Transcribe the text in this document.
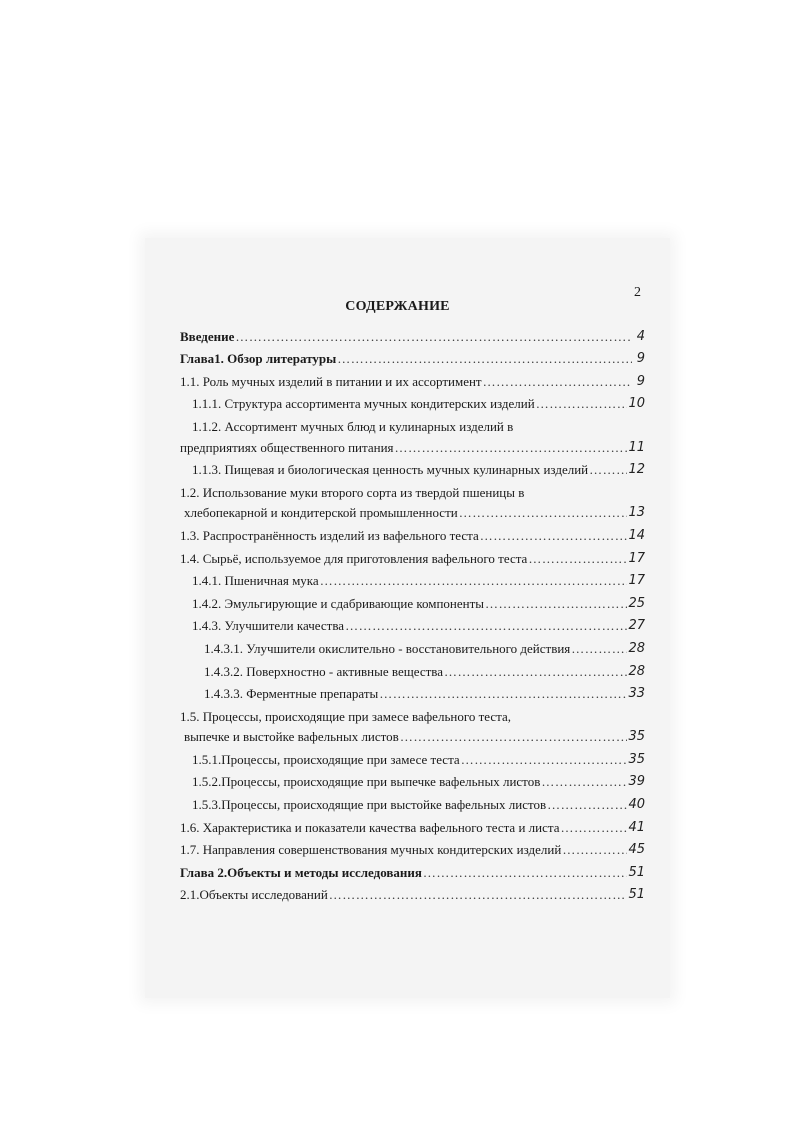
2
СОДЕРЖАНИЕ
Введение ……………………………………………………………………………………………………………………………………………………	4
Глава1. Обзор литературы ……………………………………………………………………………………………………………………………………………………	9
1.1. Роль мучных изделий в питании и их ассортимент ……………………………………………………………………………………………………………………………………………………	9
1.1.1. Структура ассортимента мучных кондитерских изделий ……………………………………………………………………………………………………………………………………………………	10
1.1.2. Ассортимент мучных блюд и кулинарных изделий в
предприятиях общественного питания ……………………………………………………………………………………………………………………………………………………	11
1.1.3. Пищевая и биологическая ценность мучных кулинарных изделий ……………………………………………………………………………………………………………………………………………………	12
1.2. Использование муки второго сорта из твердой пшеницы в
хлебопекарной и кондитерской промышленности ……………………………………………………………………………………………………………………………………………………	13
1.3. Распространённость изделий из вафельного теста ……………………………………………………………………………………………………………………………………………………	14
1.4. Сырьё, используемое для приготовления вафельного теста ……………………………………………………………………………………………………………………………………………………	17
1.4.1. Пшеничная мука ……………………………………………………………………………………………………………………………………………………	17
1.4.2. Эмульгирующие и сдабривающие компоненты ……………………………………………………………………………………………………………………………………………………	25
1.4.3. Улучшители качества ……………………………………………………………………………………………………………………………………………………	27
1.4.3.1. Улучшители окислительно - восстановительного действия ……………………………………………………………………………………………………………………………………………………	28
1.4.3.2. Поверхностно - активные вещества ……………………………………………………………………………………………………………………………………………………	28
1.4.3.3. Ферментные препараты ……………………………………………………………………………………………………………………………………………………	33
1.5. Процессы, происходящие при замесе вафельного теста,
выпечке и выстойке вафельных листов ……………………………………………………………………………………………………………………………………………………	35
1.5.1.Процессы, происходящие при замесе теста ……………………………………………………………………………………………………………………………………………………	35
1.5.2.Процессы, происходящие при выпечке вафельных листов ……………………………………………………………………………………………………………………………………………………	39
1.5.3.Процессы, происходящие при выстойке вафельных листов ……………………………………………………………………………………………………………………………………………………	40
1.6. Характеристика и показатели качества вафельного теста и листа ……………………………………………………………………………………………………………………………………………………	41
1.7. Направления совершенствования мучных кондитерских изделий ……………………………………………………………………………………………………………………………………………………	45
Глава 2.Объекты и методы исследования ……………………………………………………………………………………………………………………………………………………	51
2.1.Объекты исследований ……………………………………………………………………………………………………………………………………………………	51
